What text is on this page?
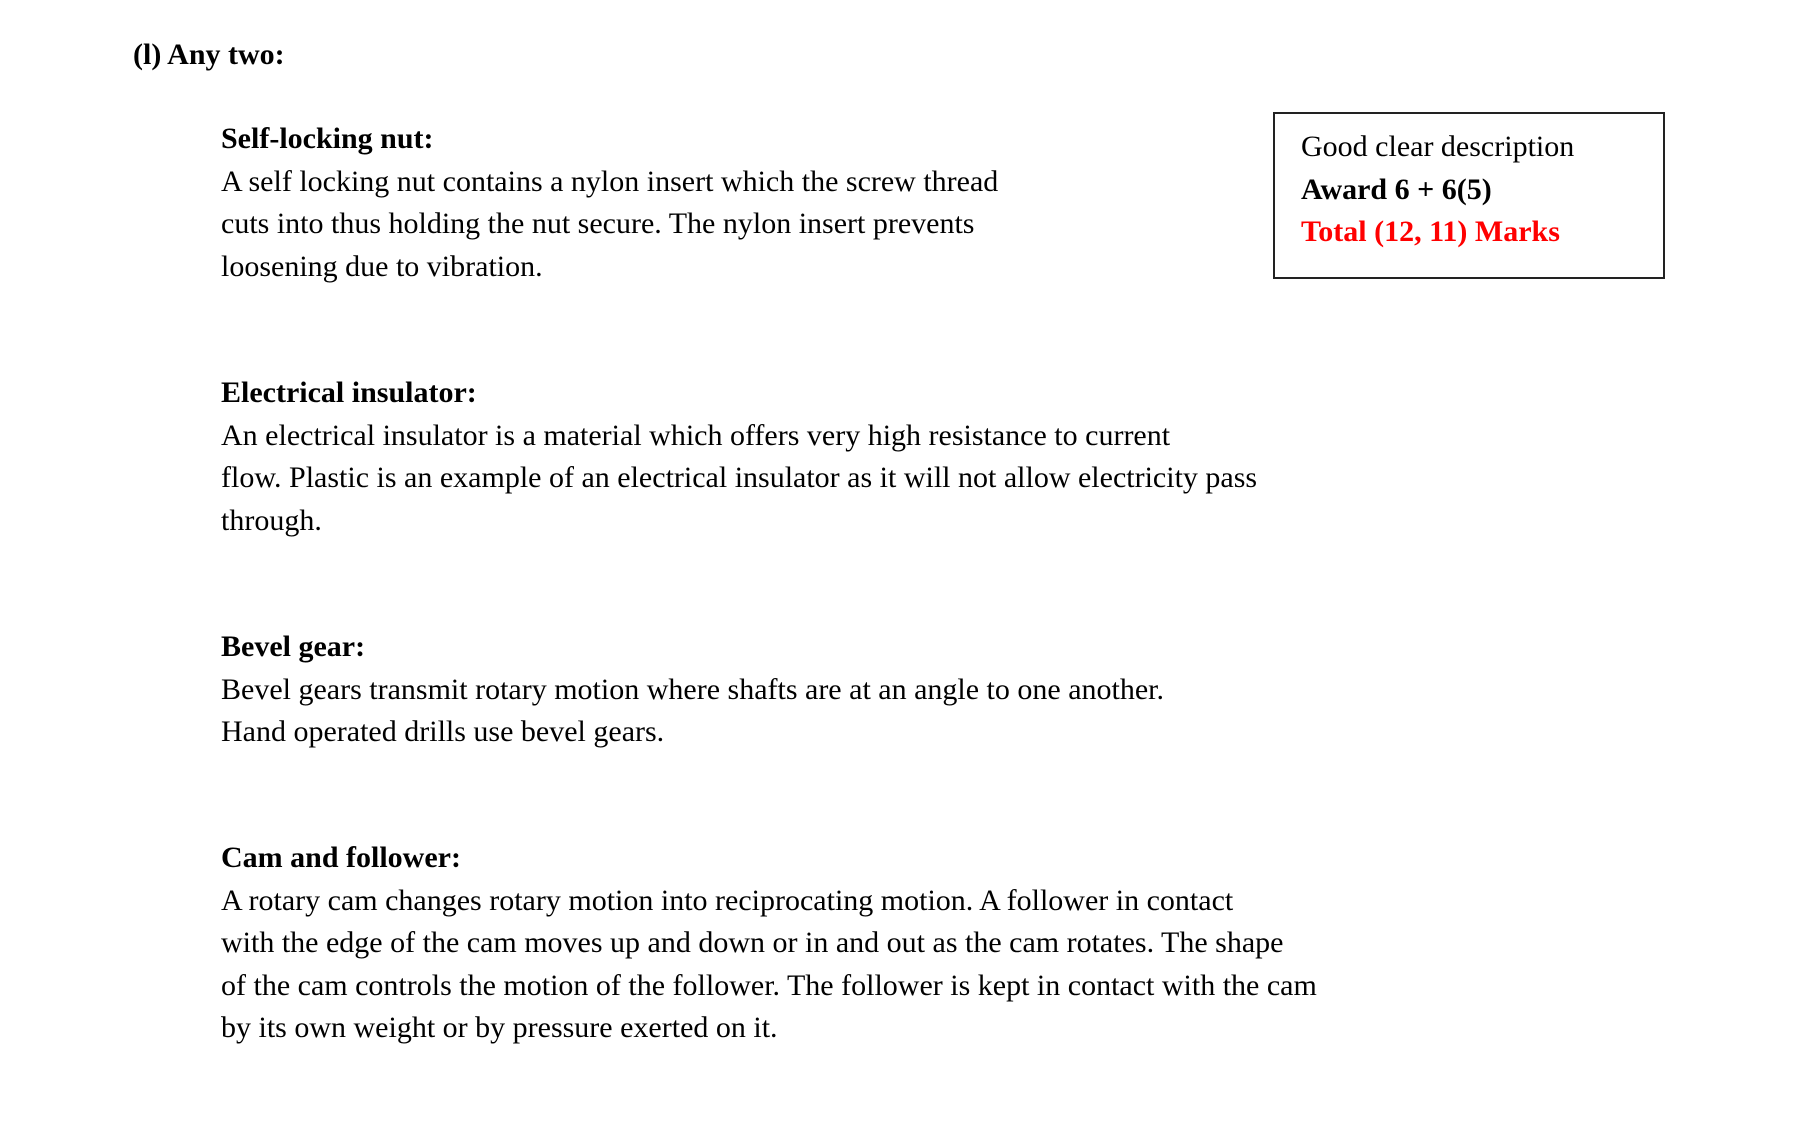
(l) Any two:
Good clear description
Award 6 + 6(5)
Total (12, 11) Marks
Self-locking nut:
A self locking nut contains a nylon insert which the screw thread
cuts into thus holding the nut secure. The nylon insert prevents
loosening due to vibration.
Electrical insulator:
An electrical insulator is a material which offers very high resistance to current
flow. Plastic is an example of an electrical insulator as it will not allow electricity pass
through.
Bevel gear:
Bevel gears transmit rotary motion where shafts are at an angle to one another.
Hand operated drills use bevel gears.
Cam and follower:
A rotary cam changes rotary motion into reciprocating motion. A follower in contact
with the edge of the cam moves up and down or in and out as the cam rotates. The shape
of the cam controls the motion of the follower. The follower is kept in contact with the cam
by its own weight or by pressure exerted on it.
